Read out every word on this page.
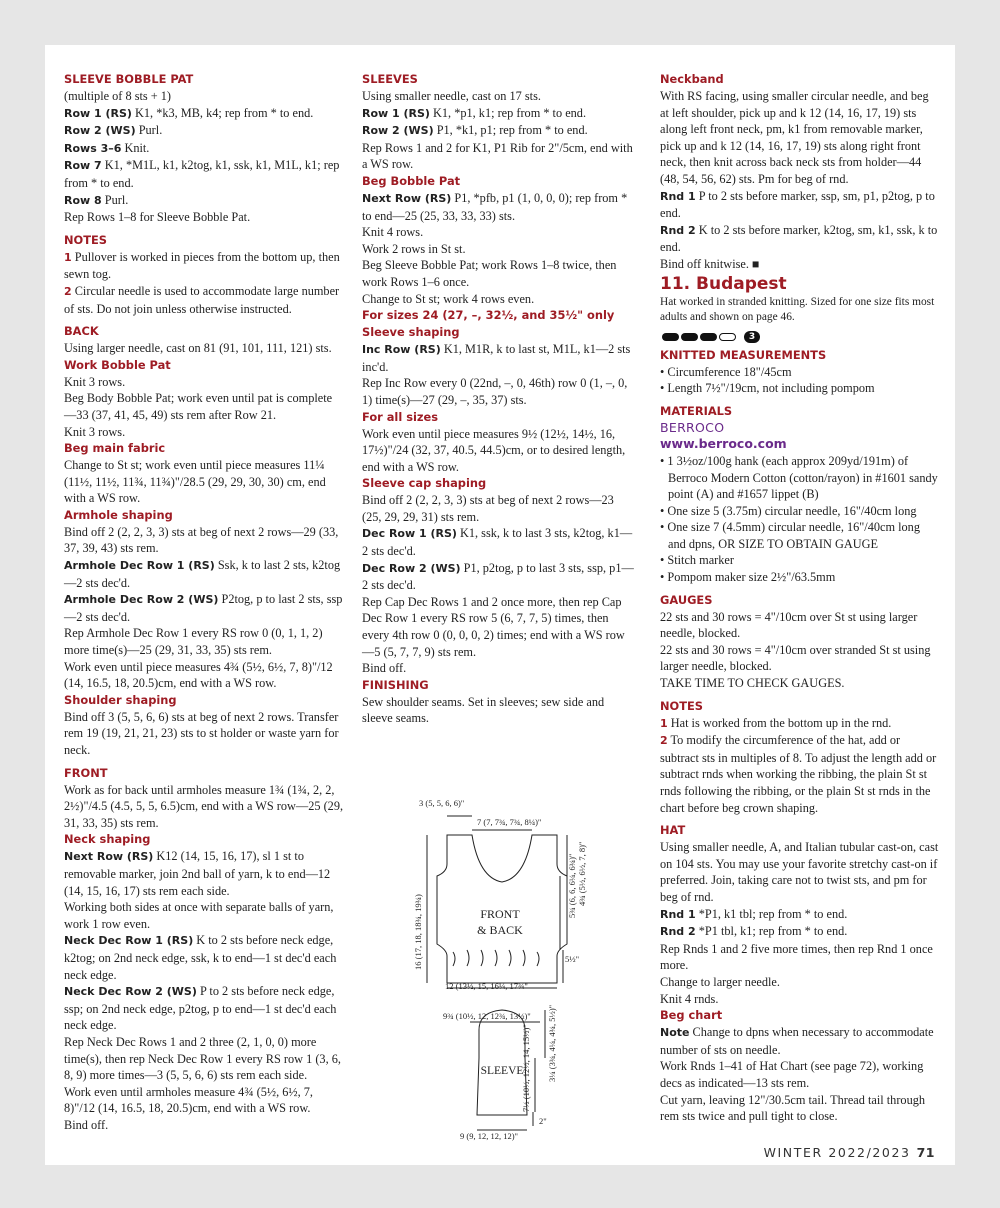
SLEEVE BOBBLE PAT

(multiple of 8 sts + 1)

Row 1 (RS) K1, *k3, MB, k4; rep from * to end.

Row 2 (WS) Purl.

Rows 3–6 Knit.

Row 7 K1, *M1L, k1, k2tog, k1, ssk, k1, M1L, k1; rep from * to end.

Row 8 Purl.

Rep Rows 1–8 for Sleeve Bobble Pat.

NOTES

1 Pullover is worked in pieces from the bottom up, then sewn tog.

2 Circular needle is used to accommodate large number of sts. Do not join unless otherwise instructed.

BACK

Using larger needle, cast on 81 (91, 101, 111, 121) sts.

Work Bobble Pat

Knit 3 rows.

Beg Body Bobble Pat; work even until pat is complete—33 (37, 41, 45, 49) sts rem after Row 21.

Knit 3 rows.

Beg main fabric

Change to St st; work even until piece measures 11¼ (11½, 11½, 11¾, 11¾)"/28.5 (29, 29, 30, 30) cm, end with a WS row.

Armhole shaping

Bind off 2 (2, 2, 3, 3) sts at beg of next 2 rows—29 (33, 37, 39, 43) sts rem.

Armhole Dec Row 1 (RS) Ssk, k to last 2 sts, k2tog—2 sts dec'd.

Armhole Dec Row 2 (WS) P2tog, p to last 2 sts, ssp—2 sts dec'd.

Rep Armhole Dec Row 1 every RS row 0 (0, 1, 1, 2) more time(s)—25 (29, 31, 33, 35) sts rem.

Work even until piece measures 4¾ (5½, 6½, 7, 8)"/12 (14, 16.5, 18, 20.5)cm, end with a WS row.

Shoulder shaping

Bind off 3 (5, 5, 6, 6) sts at beg of next 2 rows. Transfer rem 19 (19, 21, 21, 23) sts to st holder or waste yarn for neck.

FRONT

Work as for back until armholes measure 1¾ (1¾, 2, 2, 2½)"/4.5 (4.5, 5, 5, 6.5)cm, end with a WS row—25 (29, 31, 33, 35) sts rem.

Neck shaping

Next Row (RS) K12 (14, 15, 16, 17), sl 1 st to removable marker, join 2nd ball of yarn, k to end—12 (14, 15, 16, 17) sts rem each side.

Working both sides at once with separate balls of yarn, work 1 row even.

Neck Dec Row 1 (RS) K to 2 sts before neck edge, k2tog; on 2nd neck edge, ssk, k to end—1 st dec'd each neck edge.

Neck Dec Row 2 (WS) P to 2 sts before neck edge, ssp; on 2nd neck edge, p2tog, p to end—1 st dec'd each neck edge.

Rep Neck Dec Rows 1 and 2 three (2, 1, 0, 0) more time(s), then rep Neck Dec Row 1 every RS row 1 (3, 6, 8, 9) more times—3 (5, 5, 6, 6) sts rem each side.

Work even until armholes measure 4¾ (5½, 6½, 7, 8)"/12 (14, 16.5, 18, 20.5)cm, end with a WS row.

Bind off.

SLEEVES

Using smaller needle, cast on 17 sts.

Row 1 (RS) K1, *p1, k1; rep from * to end.

Row 2 (WS) P1, *k1, p1; rep from * to end.

Rep Rows 1 and 2 for K1, P1 Rib for 2"/5cm, end with a WS row.

Beg Bobble Pat

Next Row (RS) P1, *pfb, p1 (1, 0, 0, 0); rep from * to end—25 (25, 33, 33, 33) sts.

Knit 4 rows.

Work 2 rows in St st.

Beg Sleeve Bobble Pat; work Rows 1–8 twice, then work Rows 1–6 once.

Change to St st; work 4 rows even.

For sizes 24 (27, –, 32½, and 35½" only

Sleeve shaping

Inc Row (RS) K1, M1R, k to last st, M1L, k1—2 sts inc'd.

Rep Inc Row every 0 (22nd, –, 0, 46th) row 0 (1, –, 0, 1) time(s)—27 (29, –, 35, 37) sts.

For all sizes

Work even until piece measures 9½ (12½, 14½, 16, 17½)"/24 (32, 37, 40.5, 44.5)cm, or to desired length, end with a WS row.

Sleeve cap shaping

Bind off 2 (2, 2, 3, 3) sts at beg of next 2 rows—23 (25, 29, 29, 31) sts rem.

Dec Row 1 (RS) K1, ssk, k to last 3 sts, k2tog, k1—2 sts dec'd.

Dec Row 2 (WS) P1, p2tog, p to last 3 sts, ssp, p1—2 sts dec'd.

Rep Cap Dec Rows 1 and 2 once more, then rep Cap Dec Row 1 every RS row 5 (6, 7, 7, 5) times, then every 4th row 0 (0, 0, 0, 2) times; end with a WS row—5 (5, 7, 7, 9) sts rem.

Bind off.

FINISHING

Sew shoulder seams. Set in sleeves; sew side and sleeve seams.

3 (5, 5, 6, 6)"
7 (7, 7¾, 7¾, 8¼)"
FRONT
& BACK
16 (17, 18, 18¾, 19¾)
4¾ (5½, 6½, 7, 8)"
5¾ (6, 6, 6¼, 6¾)"
5½"
12 (13½, 15, 16¼, 17¾"
9¾ (10½, 12, 12¾, 13½)"
SLEEVE	3¼ (3¾, 4¼, 4¾, 5½)"
7½ (10½, 12½, 14, 15½)"
2"
9 (9, 12, 12, 12)"

Neckband

With RS facing, using smaller circular needle, and beg at left shoulder, pick up and k 12 (14, 16, 17, 19) sts along left front neck, pm, k1 from removable marker, pick up and k 12 (14, 16, 17, 19) sts along right front neck, then knit across back neck sts from holder—44 (48, 54, 56, 62) sts. Pm for beg of rnd.

Rnd 1 P to 2 sts before marker, ssp, sm, p1, p2tog, p to end.

Rnd 2 K to 2 sts before marker, k2tog, sm, k1, ssk, k to end.

Bind off knitwise. ■

11. Budapest

Hat worked in stranded knitting. Sized for one size fits most adults and shown on page 46.

3

KNITTED MEASUREMENTS

• Circumference 18"/45cm

• Length 7½"/19cm, not including pompom

MATERIALS

BERROCO

www.berroco.com

• 1 3½oz/100g hank (each approx 209yd/191m) of Berroco Modern Cotton (cotton/rayon) in #1601 sandy point (A) and #1657 lippet (B)

• One size 5 (3.75m) circular needle, 16"/40cm long

• One size 7 (4.5mm) circular needle, 16"/40cm long and dpns, OR SIZE TO OBTAIN GAUGE

• Stitch marker

• Pompom maker size 2½"/63.5mm

GAUGES

22 sts and 30 rows = 4"/10cm over St st using larger needle, blocked.

22 sts and 30 rows = 4"/10cm over stranded St st using larger needle, blocked.

TAKE TIME TO CHECK GAUGES.

NOTES

1 Hat is worked from the bottom up in the rnd.

2 To modify the circumference of the hat, add or subtract sts in multiples of 8. To adjust the length add or subtract rnds when working the ribbing, the plain St st rnds following the ribbing, or the plain St st rnds in the chart before beg crown shaping.

HAT

Using smaller needle, A, and Italian tubular cast-on, cast on 104 sts. You may use your favorite stretchy cast-on if preferred. Join, taking care not to twist sts, and pm for beg of rnd.

Rnd 1 *P1, k1 tbl; rep from * to end.

Rnd 2 *P1 tbl, k1; rep from * to end.

Rep Rnds 1 and 2 five more times, then rep Rnd 1 once more.

Change to larger needle.

Knit 4 rnds.

Beg chart

Note Change to dpns when necessary to accommodate number of sts on needle.

Work Rnds 1–41 of Hat Chart (see page 72), working decs as indicated—13 sts rem.

Cut yarn, leaving 12"/30.5cm tail. Thread tail through rem sts twice and pull tight to close.

WINTER 2022/2023 71
